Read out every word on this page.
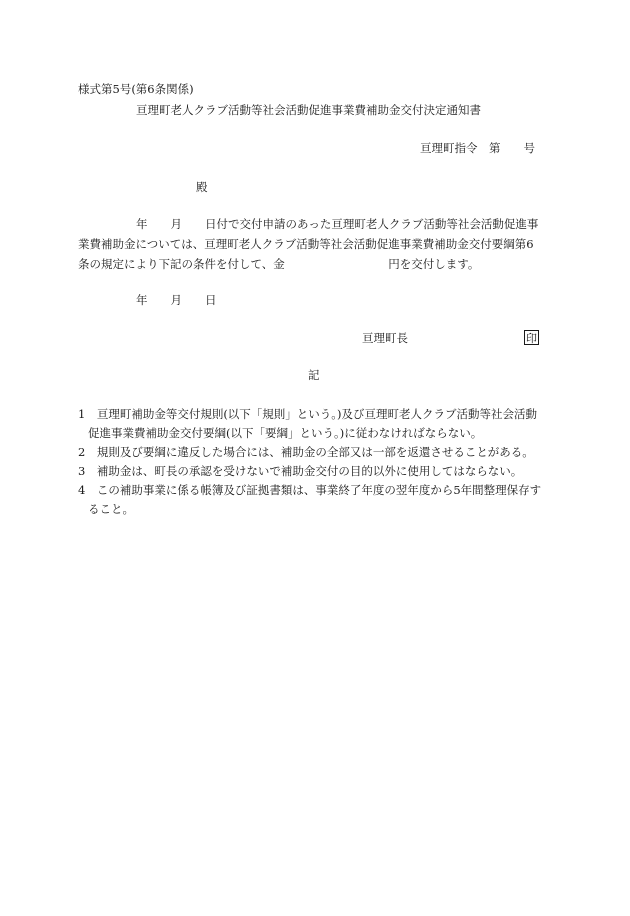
様式第5号(第6条関係)
亘理町老人クラブ活動等社会活動促進事業費補助金交付決定通知書
亘理町指令　第　　号
殿
年　　月　　日付で交付申請のあった亘理町老人クラブ活動等社会活動促進事
業費補助金については、亘理町老人クラブ活動等社会活動促進事業費補助金交付要綱第6
条の規定により下記の条件を付して、金　　　　　　　　　円を交付します。
年　　月　　日
亘理町長	印
記
1　亘理町補助金等交付規則(以下「規則」という。)及び亘理町老人クラブ活動等社会活動
促進事業費補助金交付要綱(以下「要綱」という。)に従わなければならない。
2　規則及び要綱に違反した場合には、補助金の全部又は一部を返還させることがある。
3　補助金は、町長の承認を受けないで補助金交付の目的以外に使用してはならない。
4　この補助事業に係る帳簿及び証拠書類は、事業終了年度の翌年度から5年間整理保存す
ること。
